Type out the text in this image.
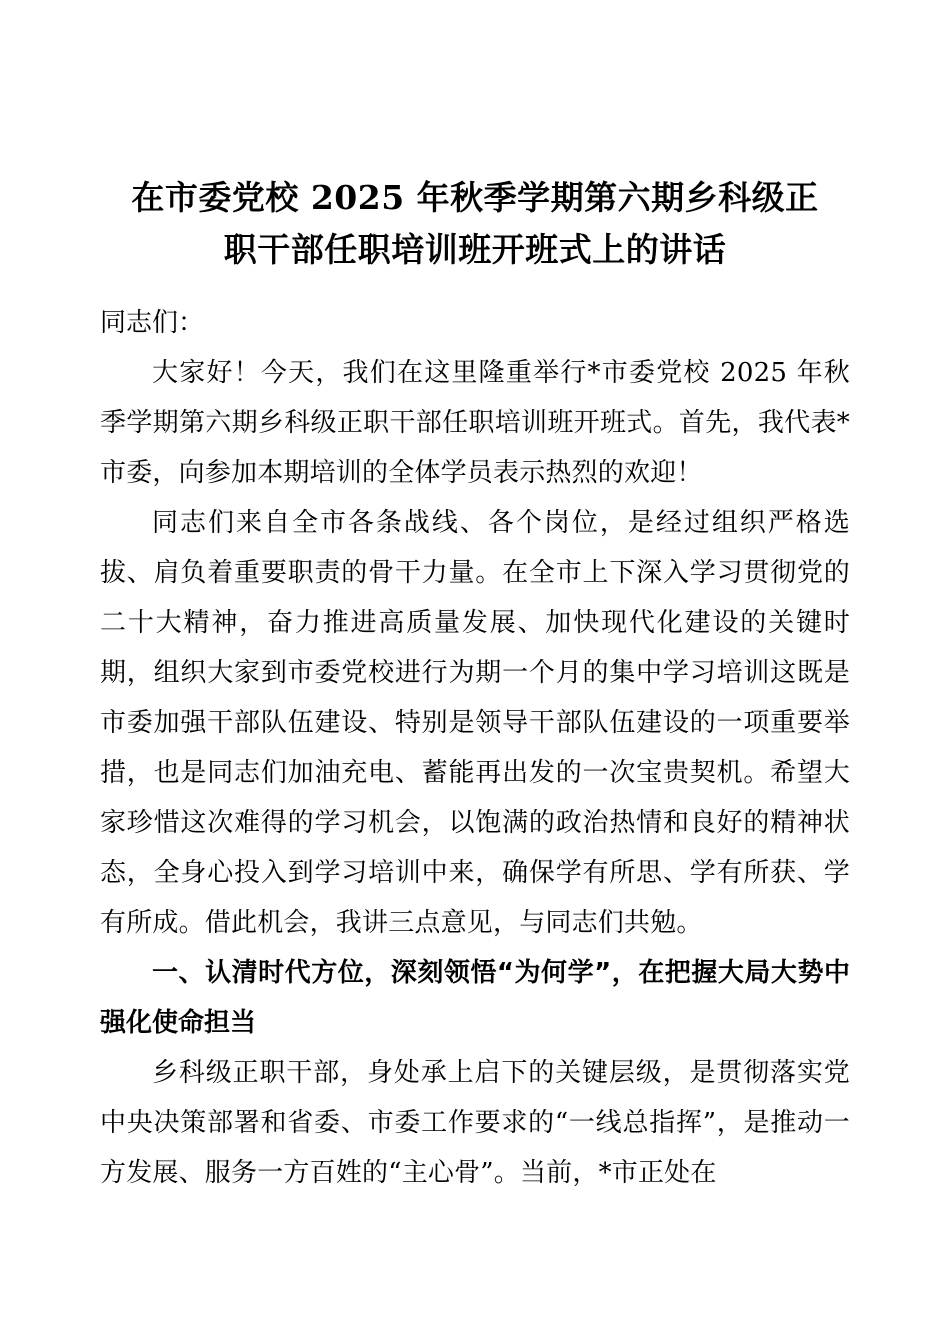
在市委党校 2025 年秋季学期第六期乡科级正
职干部任职培训班开班式上的讲话

同志们：

大家好！今天，我们在这里隆重举行*市委党校 2025 年秋季学期第六期乡科级正职干部任职培训班开班式。首先，我代表*市委，向参加本期培训的全体学员表示热烈的欢迎！

同志们来自全市各条战线、各个岗位，是经过组织严格选拔、肩负着重要职责的骨干力量。在全市上下深入学习贯彻党的二十大精神，奋力推进高质量发展、加快现代化建设的关键时期，组织大家到市委党校进行为期一个月的集中学习培训这既是市委加强干部队伍建设、特别是领导干部队伍建设的一项重要举措，也是同志们加油充电、蓄能再出发的一次宝贵契机。希望大家珍惜这次难得的学习机会，以饱满的政治热情和良好的精神状态，全身心投入到学习培训中来，确保学有所思、学有所获、学有所成。借此机会，我讲三点意见，与同志们共勉。

一、认清时代方位，深刻领悟“为何学”，在把握大局大势中强化使命担当

乡科级正职干部，身处承上启下的关键层级，是贯彻落实党中央决策部署和省委、市委工作要求的“一线总指挥”，是推动一方发展、服务一方百姓的“主心骨”。当前，*市正处在
